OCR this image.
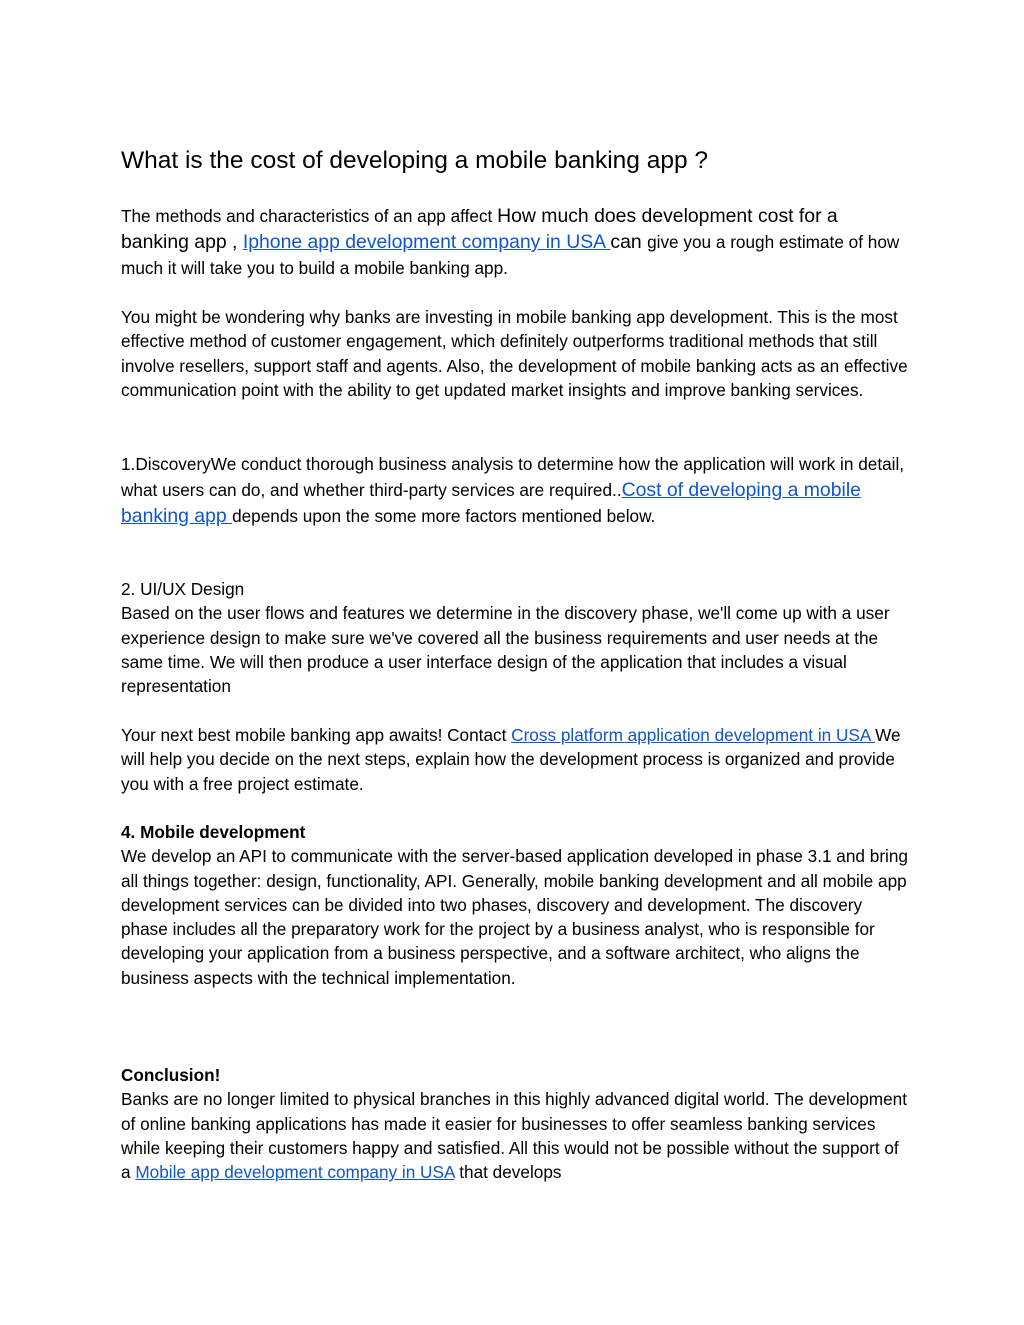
What is the cost of developing a mobile banking app ?

The methods and characteristics of an app affect How much does development cost for a banking app , Iphone app development company in USA can give you a rough estimate of how much it will take you to build a mobile banking app.

You might be wondering why banks are investing in mobile banking app development. This is the most effective method of customer engagement, which definitely outperforms traditional methods that still involve resellers, support staff and agents. Also, the development of mobile banking acts as an effective communication point with the ability to get updated market insights and improve banking services.

1.DiscoveryWe conduct thorough business analysis to determine how the application will work in detail, what users can do, and whether third-party services are required..Cost of developing a mobile banking app depends upon the some more factors mentioned below.

2. UI/UX Design
Based on the user flows and features we determine in the discovery phase, we'll come up with a user experience design to make sure we've covered all the business requirements and user needs at the same time. We will then produce a user interface design of the application that includes a visual representation

Your next best mobile banking app awaits! Contact Cross platform application development in USA We will help you decide on the next steps, explain how the development process is organized and provide you with a free project estimate.

4. Mobile development
We develop an API to communicate with the server-based application developed in phase 3.1 and bring all things together: design, functionality, API. Generally, mobile banking development and all mobile app development services can be divided into two phases, discovery and development. The discovery phase includes all the preparatory work for the project by a business analyst, who is responsible for developing your application from a business perspective, and a software architect, who aligns the business aspects with the technical implementation.
Conclusion!
Banks are no longer limited to physical branches in this highly advanced digital world. The development of online banking applications has made it easier for businesses to offer seamless banking services while keeping their customers happy and satisfied. All this would not be possible without the support of a Mobile app development company in USA that develops
